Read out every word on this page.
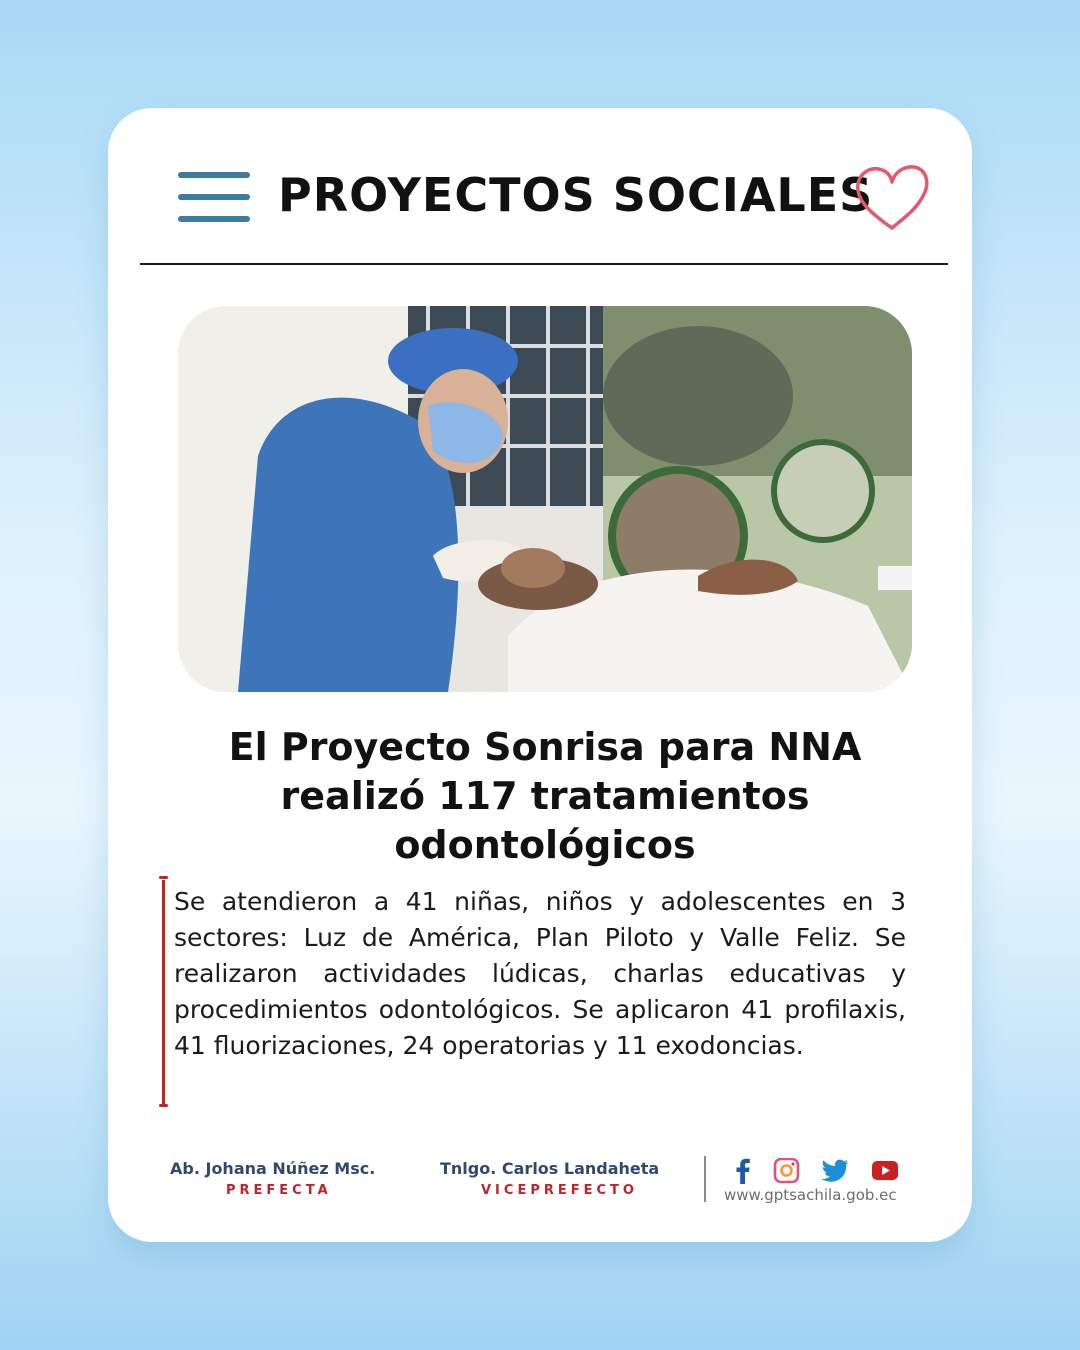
PROYECTOS SOCIALES
El Proyecto Sonrisa para NNA
realizó 117 tratamientos
odontológicos
Se atendieron a 41 niñas, niños y adolescentes en 3 sectores: Luz de América, Plan Piloto y Valle Feliz. Se realizaron actividades lúdicas, charlas educativas y procedimientos odontológicos. Se aplicaron 41 profilaxis, 41 fluorizaciones, 24 operatorias y 11 exodoncias.
Ab. Johana Núñez Msc.
PREFECTA
Tnlgo. Carlos Landaheta
VICEPREFECTO	www.gptsachila.gob.ec
